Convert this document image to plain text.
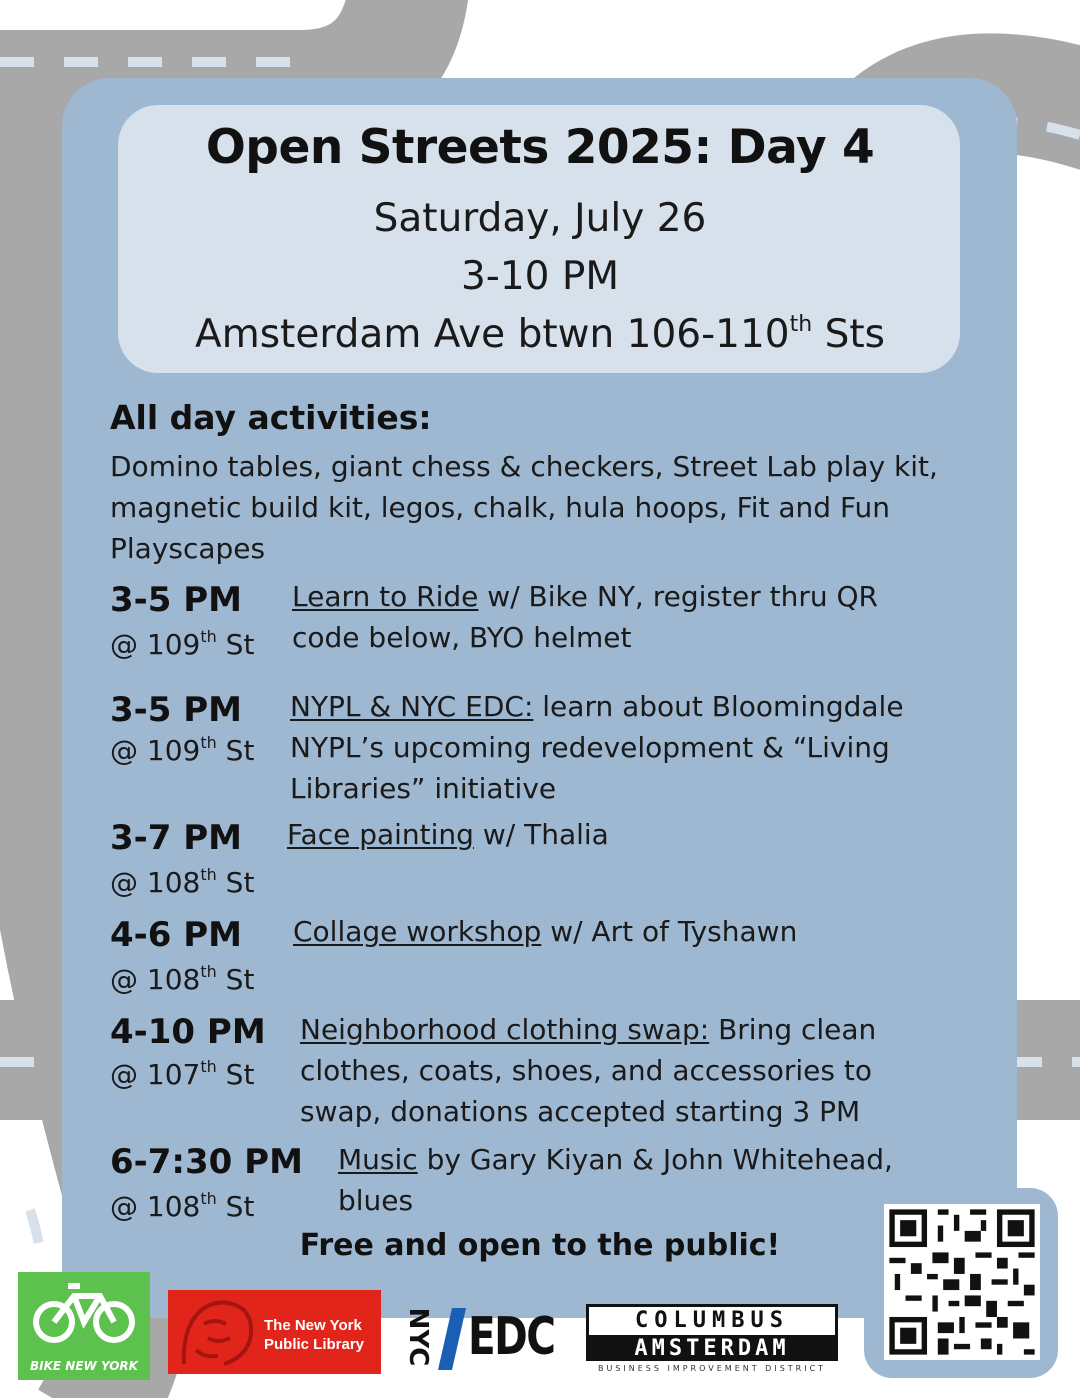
Open Streets 2025: Day 4
Saturday, July 26
3-10 PM
Amsterdam Ave btwn 106-110th Sts
All day activities:
Domino tables, giant chess & checkers, Street Lab play kit, magnetic build kit, legos, chalk, hula hoops, Fit and Fun Playscapes
3-5 PM
@ 109th St
Learn to Ride w/ Bike NY, register thru QR code below, BYO helmet
3-5 PM
@ 109th St
NYPL & NYC EDC: learn about Bloomingdale NYPL’s upcoming redevelopment & “Living Libraries” initiative
3-7 PM
@ 108th St
Face painting w/ Thalia
4-6 PM
@ 108th St
Collage workshop w/ Art of Tyshawn
4-10 PM
@ 107th St
Neighborhood clothing swap: Bring clean clothes, coats, shoes, and accessories to swap, donations accepted starting 3 PM
6-7:30 PM
@ 108th St
Music by Gary Kiyan & John Whitehead, blues
Free and open to the public!
BIKE NEW YORK
The New York Public Library	NYC EDC	COLUMBUS
AMSTERDAM
BUSINESS IMPROVEMENT DISTRICT
